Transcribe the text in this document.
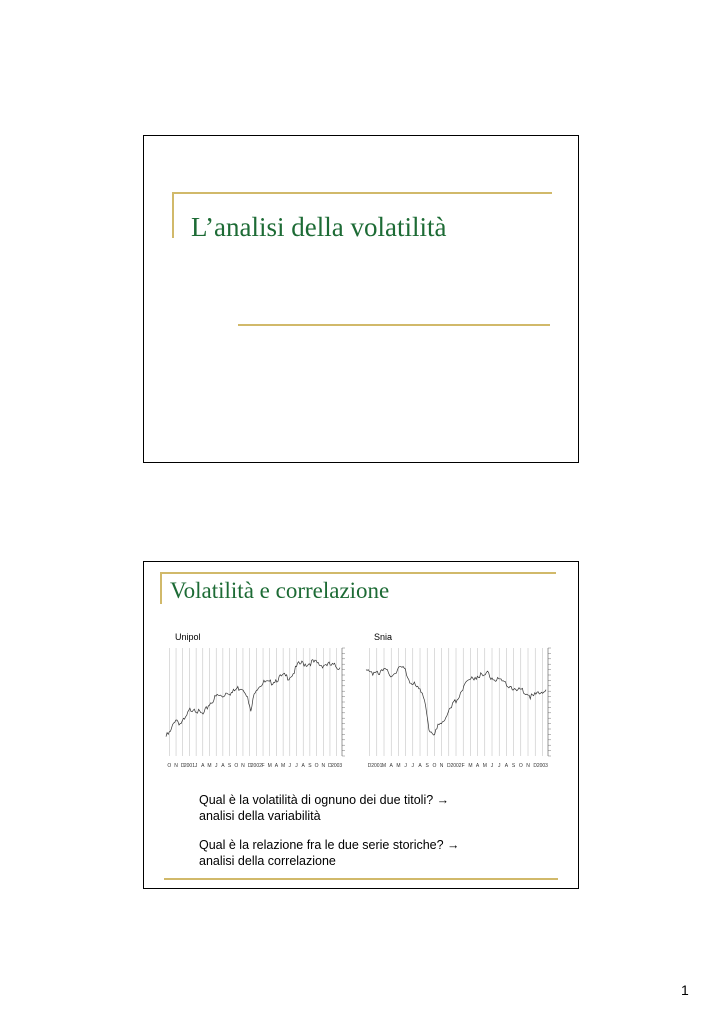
L’analisi della volatilità
Volatilità e correlazione
Unipol	Snia
O N D 2001 J A M J A S O N D 2002 F M A M J J A S O N D 2003	D 2001 M A M J J A S O N D 2002 F M A M J J A S O N D 2003

Qual è la volatilità di ognuno dei due titoli? →
analisi della variabilità

Qual è la relazione fra le due serie storiche? →
analisi della correlazione

1
